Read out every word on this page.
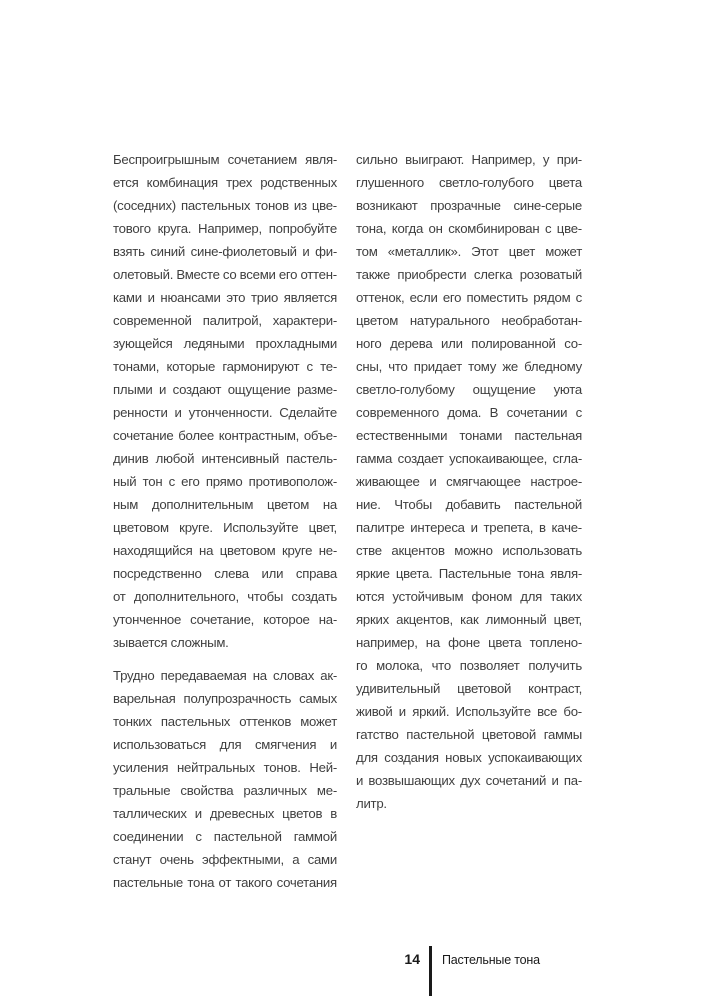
Беспроигрышным сочетанием явля-
ется комбинация трех родственных
(соседних) пастельных тонов из цве-
тового круга. Например, попробуйте
взять синий сине-фиолетовый и фи-
олетовый. Вместе со всеми его оттен-
ками и нюансами это трио является
современной палитрой, характери-
зующейся ледяными прохладными
тонами, которые гармонируют с те-
плыми и создают ощущение разме-
ренности и утонченности. Сделайте
сочетание более контрастным, объе-
динив любой интенсивный пастель-
ный тон с его прямо противополож-
ным дополнительным цветом на
цветовом круге. Используйте цвет,
находящийся на цветовом круге не-
посредственно слева или справа
от дополнительного, чтобы создать
утонченное сочетание, которое на-
зывается сложным.
Трудно передаваемая на словах ак-
варельная полупрозрачность самых
тонких пастельных оттенков может
использоваться для смягчения и
усиления нейтральных тонов. Ней-
тральные свойства различных ме-
таллических и древесных цветов в
соединении с пастельной гаммой
станут очень эффектными, а сами
пастельные тона от такого сочетания
сильно выиграют. Например, у при-
глушенного светло-голубого цвета
возникают прозрачные сине-серые
тона, когда он скомбинирован с цве-
том «металлик». Этот цвет может
также приобрести слегка розоватый
оттенок, если его поместить рядом с
цветом натурального необработан-
ного дерева или полированной со-
сны, что придает тому же бледному
светло-голубому ощущение уюта
современного дома. В сочетании с
естественными тонами пастельная
гамма создает успокаивающее, сгла-
живающее и смягчающее настрое-
ние. Чтобы добавить пастельной
палитре интереса и трепета, в каче-
стве акцентов можно использовать
яркие цвета. Пастельные тона явля-
ются устойчивым фоном для таких
ярких акцентов, как лимонный цвет,
например, на фоне цвета топлено-
го молока, что позволяет получить
удивительный цветовой контраст,
живой и яркий. Используйте все бо-
гатство пастельной цветовой гаммы
для создания новых успокаивающих
и возвышающих дух сочетаний и па-
литр.
14 Пастельные тона
